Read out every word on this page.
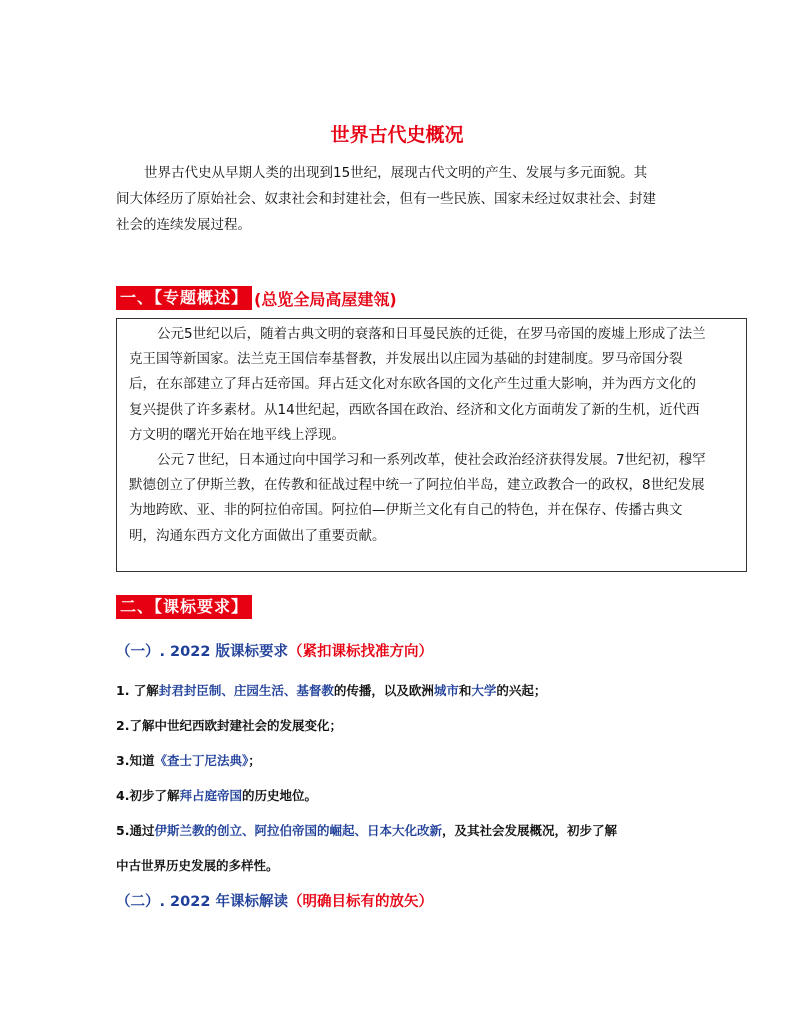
世界古代史概况
世界古代史从早期人类的出现到15世纪，展现古代文明的产生、发展与多元面貌。其
间大体经历了原始社会、奴隶社会和封建社会，但有一些民族、国家未经过奴隶社会、封建
社会的连续发展过程。
一、【专题概述】 (总览全局高屋建瓴)
公元5世纪以后，随着古典文明的衰落和日耳曼民族的迁徙，在罗马帝国的废墟上形成了法兰
克王国等新国家。法兰克王国信奉基督教，并发展出以庄园为基础的封建制度。罗马帝国分裂
后，在东部建立了拜占廷帝国。拜占廷文化对东欧各国的文化产生过重大影响，并为西方文化的
复兴提供了许多素材。从14世纪起，西欧各国在政治、经济和文化方面萌发了新的生机，近代西
方文明的曙光开始在地平线上浮现。
公元７世纪，日本通过向中国学习和一系列改革，使社会政治经济获得发展。7世纪初，穆罕
默德创立了伊斯兰教，在传教和征战过程中统一了阿拉伯半岛，建立政教合一的政权，8世纪发展
为地跨欧、亚、非的阿拉伯帝国。阿拉伯—伊斯兰文化有自己的特色，并在保存、传播古典文
明，沟通东西方文化方面做出了重要贡献。
二、【课标要求】
（一）. 2022 版课标要求（紧扣课标找准方向）
1. 了解封君封臣制、庄园生活、基督教的传播，以及欧洲城市和大学的兴起；
2.了解中世纪西欧封建社会的发展变化；
3.知道《查士丁尼法典》；
4.初步了解拜占庭帝国的历史地位。
5.通过伊斯兰教的创立、阿拉伯帝国的崛起、日本大化改新，及其社会发展概况，初步了解
中古世界历史发展的多样性。
（二）. 2022 年课标解读（明确目标有的放矢）
